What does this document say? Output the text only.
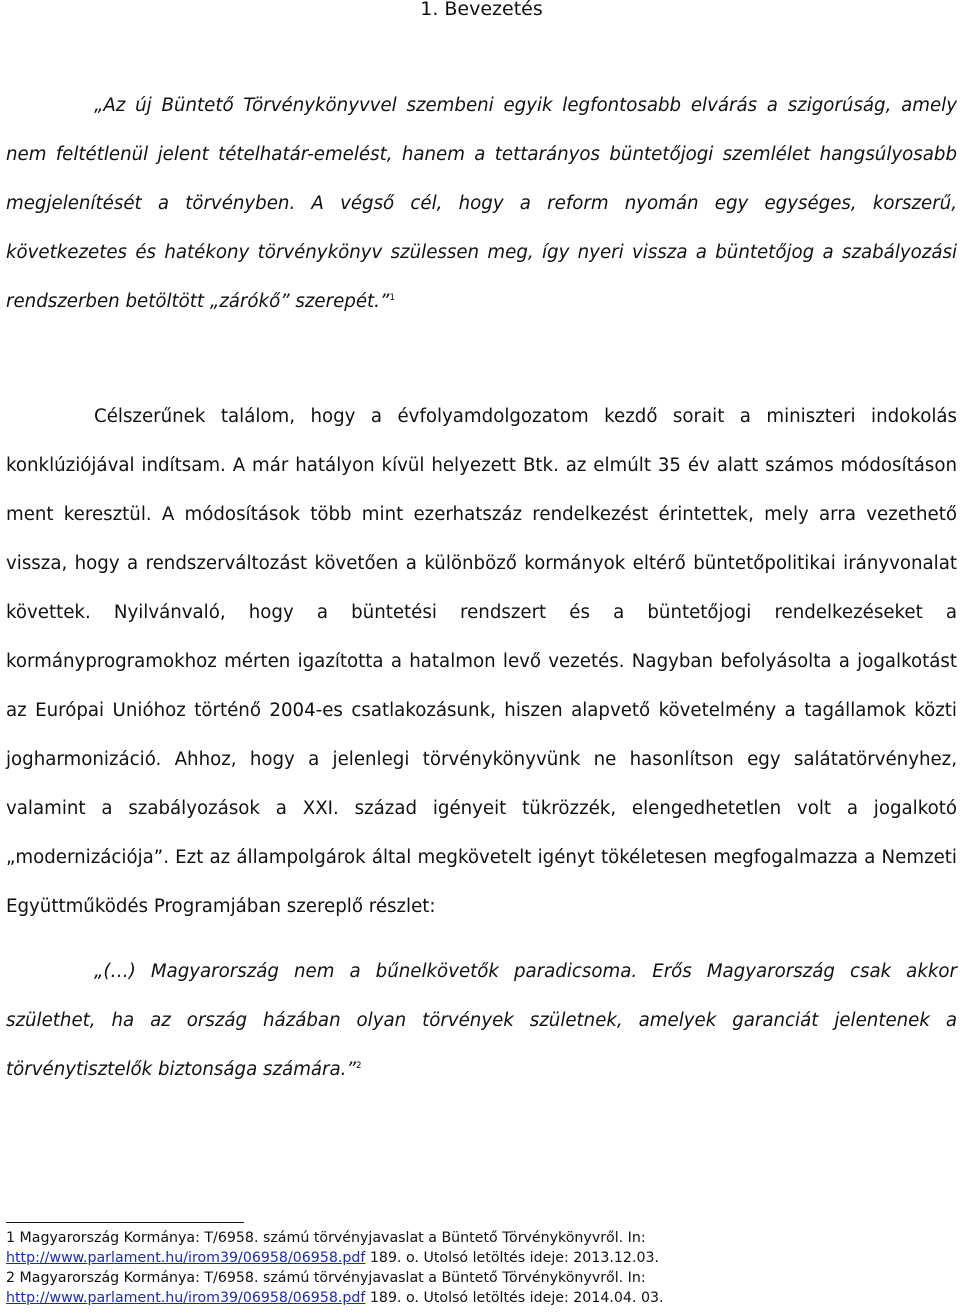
1. Bevezetés

„Az új Büntető Törvénykönyvvel szembeni egyik legfontosabb elvárás a szigorúság, amely nem feltétlenül jelent tételhatár-emelést, hanem a tettarányos büntetőjogi szemlélet hangsúlyosabb megjelenítését a törvényben. A végső cél, hogy a reform nyomán egy egységes, korszerű, következetes és hatékony törvénykönyv szülessen meg, így nyeri vissza a büntetőjog a szabályozási rendszerben betöltött „zárókő” szerepét.”$^1$

Célszerűnek találom, hogy a évfolyamdolgozatom kezdő sorait a miniszteri indokolás konklúziójával indítsam. A már hatályon kívül helyezett Btk. az elmúlt 35 év alatt számos módosításon ment keresztül. A módosítások több mint ezerhatszáz rendelkezést érintettek, mely arra vezethető vissza, hogy a rendszerváltozást követően a különböző kormányok eltérő büntetőpolitikai irányvonalat követtek. Nyilvánvaló, hogy a büntetési rendszert és a büntetőjogi rendelkezéseket a kormányprogramokhoz mérten igazította a hatalmon levő vezetés. Nagyban befolyásolta a jogalkotást az Európai Unióhoz történő 2004-es csatlakozásunk, hiszen alapvető követelmény a tagállamok közti jogharmonizáció. Ahhoz, hogy a jelenlegi törvénykönyvünk ne hasonlítson egy salátatörvényhez, valamint a szabályozások a XXI. század igényeit tükrözzék, elengedhetetlen volt a jogalkotó „modernizációja”. Ezt az állampolgárok által megkövetelt igényt tökéletesen megfogalmazza a Nemzeti Együttműködés Programjában szereplő részlet:

„(…) Magyarország nem a bűnelkövetők paradicsoma. Erős Magyarország csak akkor születhet, ha az ország házában olyan törvények születnek, amelyek garanciát jelentenek a törvénytisztelők biztonsága számára.”$^2$

1 Magyarország Kormánya: T/6958. számú törvényjavaslat a Büntető Törvénykönyvről. In:
http://www.parlament.hu/irom39/06958/06958.pdf 189. o. Utolsó letöltés ideje: 2013.12.03.

2 Magyarország Kormánya: T/6958. számú törvényjavaslat a Büntető Törvénykönyvről. In:
http://www.parlament.hu/irom39/06958/06958.pdf 189. o. Utolsó letöltés ideje: 2014.04. 03.
